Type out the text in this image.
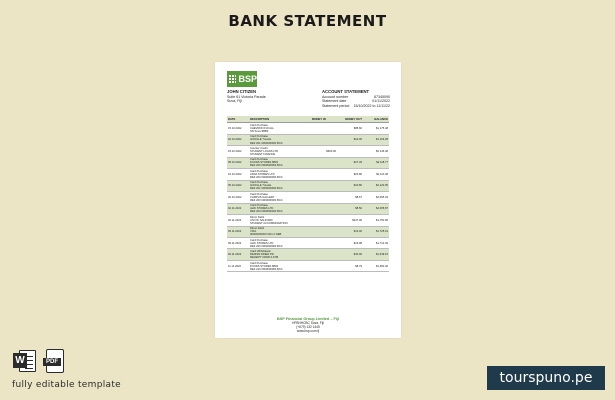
BANK STATEMENT
BSP
JOHN CITIZEN
Suite 61 Victoria Parade
Suva, Fiji
ACCOUNT STATEMENT
Account number	87345090
Statement date	01/11/2022
Statement period 15/10/2022 to 11/11/22
DATE	DESCRIPTION	MONEY IN	MONEY OUT	BALANCE
15.10.2022	Card Purchase
CHEVRON FIJI ALL
SN Suva SBBF		$88.60	$1,175.48
02.10.2022	Card Purchase
GOOGLE *Gsuite
REF 201 0000000000 BCC		$12.00	$1,163.28
18.10.2022	Counter Credit
STUDENT LOANS LTD
STUDENT FINANCE	$600.00		$2,136.48
05.10.2022	Card Purchase
FOODS STORES 8893
REF 200 0000000000 BCC		$17.49	$2,118.77
19.10.2022	Card Purchase
ASDA STORES LTD
REF 200 0000000000 BCC		$23.80	$2,110.48
05.10.2022	Card Purchase
GOOGLE *Gsuite
REF 201 0000000000 BCC		$10.80	$2,120.05
20.10.2022	Card Purchase
CAMPUS GALLERY
REF 200 0000000000 BCC		$8.67	$2,065.03
02.11.2022	Card Purchase
ALDI STORES LTD
REF 200 0000000000 BCC		$8.50	$2,065.87
20.11.2022	Direct Debit
UNI OF SALFORD
STUDENT ACCOMMODATION		$347.00	$1,750.95
05.11.2022	Direct Debit
VISA
00000000000 0111 0 DEB		$13.00	$1,725.19
09.11.2022	Card Purchase
ALDI STORES LTD
REF 200 0000000000 BCC		$16.98	$1,712.49
02.11.2022	Cash Withdrawal
DENNIS DINER PD
RECEIPT 00000 0 ATM		$40.00	$1,649.15
11.11.2022	Card Purchase
FOODS STORES 8893
REF 210 0000000000 BCC		$8.79	$1,660.46
BSP Financial Group Limited – Fiji
HFBHHCBC Suva, Fiji
(+679) 132 1445
www.bsp.com.fj
W	PDF
fully editable template	tourspuno.pe
